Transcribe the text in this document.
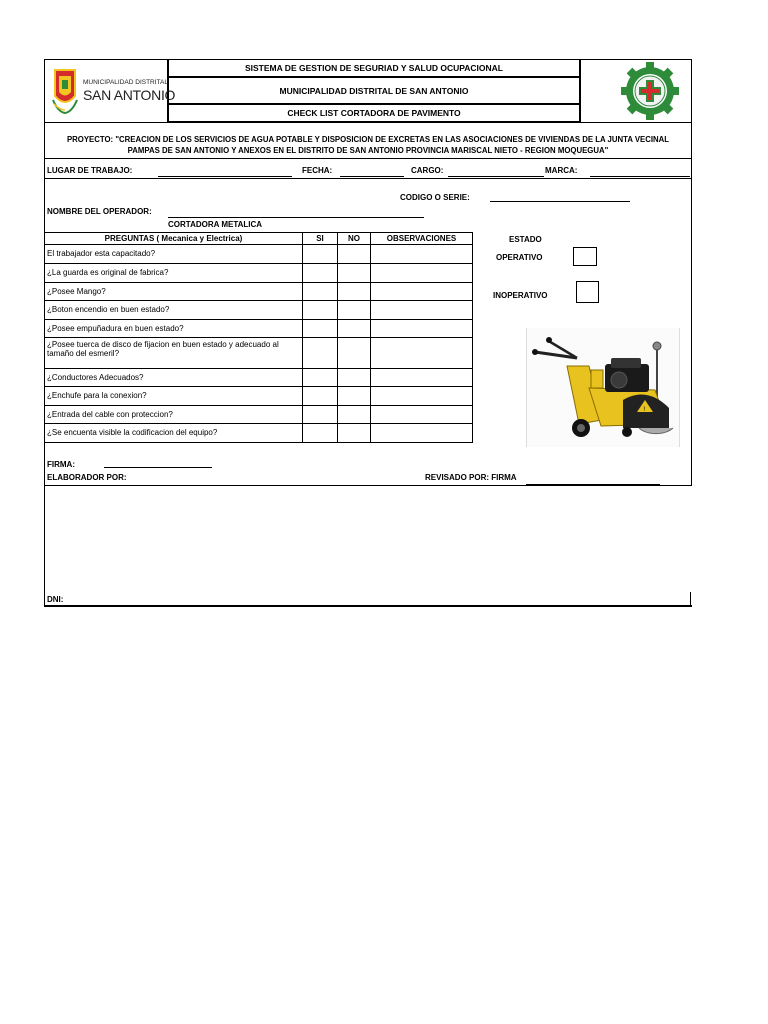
MUNICIPALIDAD DISTRITAL
SAN ANTONIO
SISTEMA DE GESTION DE SEGURIAD Y SALUD OCUPACIONAL
MUNICIPALIDAD DISTRITAL DE SAN ANTONIO
CHECK LIST CORTADORA DE PAVIMENTO
PROYECTO: "CREACION DE LOS SERVICIOS DE AGUA POTABLE Y DISPOSICION DE EXCRETAS EN LAS ASOCIACIONES DE VIVIENDAS DE LA JUNTA VECINAL
PAMPAS DE SAN ANTONIO Y ANEXOS EN EL DISTRITO DE SAN ANTONIO PROVINCIA MARISCAL NIETO - REGION MOQUEGUA"
LUGAR DE TRABAJO:	FECHA:	CARGO:	MARCA:
CODIGO O SERIE:
NOMBRE DEL OPERADOR:
CORTADORA METALICA
PREGUNTAS ( Mecanica y Electrica)	SI	NO	OBSERVACIONES
El trabajador esta capacitado?
¿La guarda es original de fabrica?
¿Posee Mango?
¿Boton encendio en buen estado?
¿Posee empuñadura en buen estado?
¿Posee tuerca de disco de fijacion en buen estado y adecuado al tamaño del esmeril?
¿Conductores Adecuados?
¿Enchufe para la conexion?
¿Entrada del cable con proteccion?
¿Se encuenta visible la codificacion del equipo?
ESTADO
OPERATIVO
INOPERATIVO
!
FIRMA:
ELABORADOR POR:	REVISADO POR: FIRMA
DNI:
